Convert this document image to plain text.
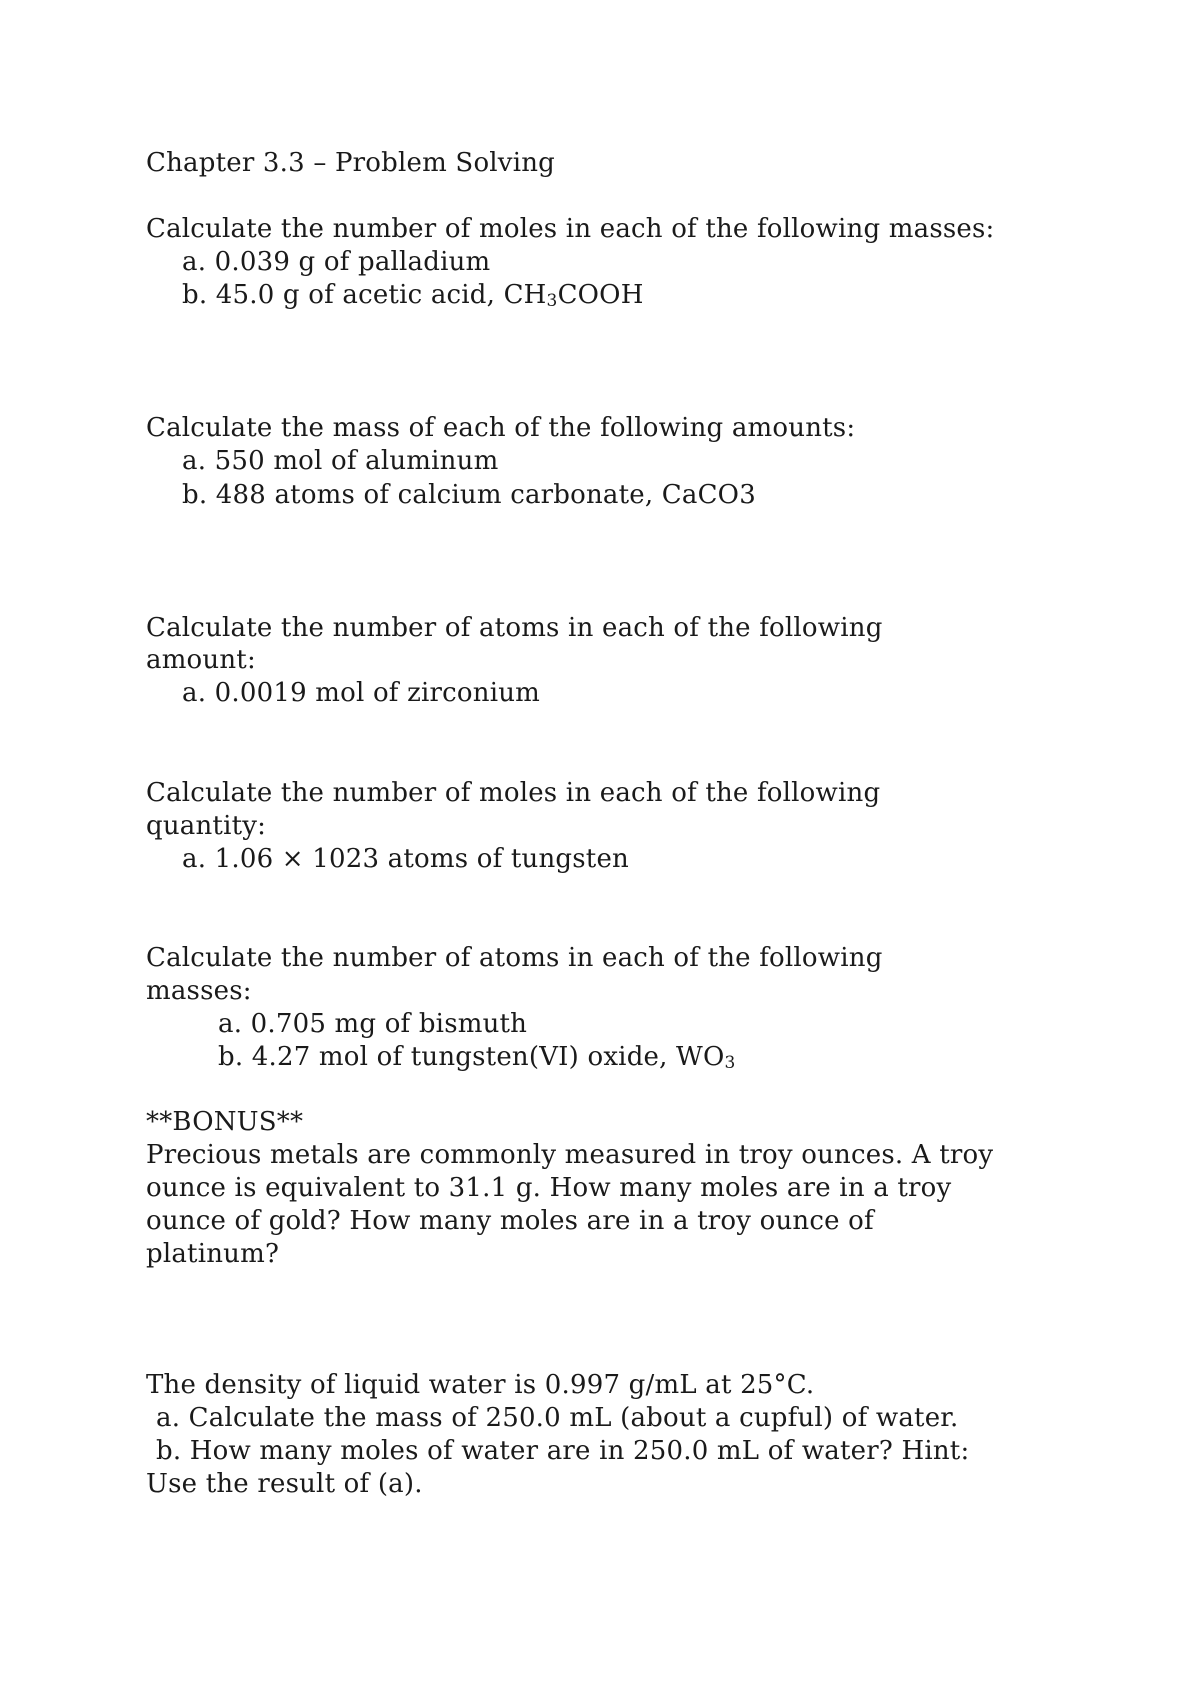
Chapter 3.3 – Problem Solving
Calculate the number of moles in each of the following masses:
a. 0.039 g of palladium
b. 45.0 g of acetic acid, $CH_3COOH$
Calculate the mass of each of the following amounts:
a. 550 mol of aluminum
b. 488 atoms of calcium carbonate, CaCO3
Calculate the number of atoms in each of the following
amount:
a. 0.0019 mol of zirconium
Calculate the number of moles in each of the following
quantity:
a. 1.06 × 1023 atoms of tungsten
Calculate the number of atoms in each of the following
masses:
a. 0.705 mg of bismuth
b. 4.27 mol of tungsten(VI) oxide, $WO_3$
**BONUS**
Precious metals are commonly measured in troy ounces. A troy
ounce is equivalent to 31.1 g. How many moles are in a troy
ounce of gold? How many moles are in a troy ounce of
platinum?
The density of liquid water is 0.997 g/mL at 25°C.
a. Calculate the mass of 250.0 mL (about a cupful) of water.
b. How many moles of water are in 250.0 mL of water? Hint:
Use the result of (a).
